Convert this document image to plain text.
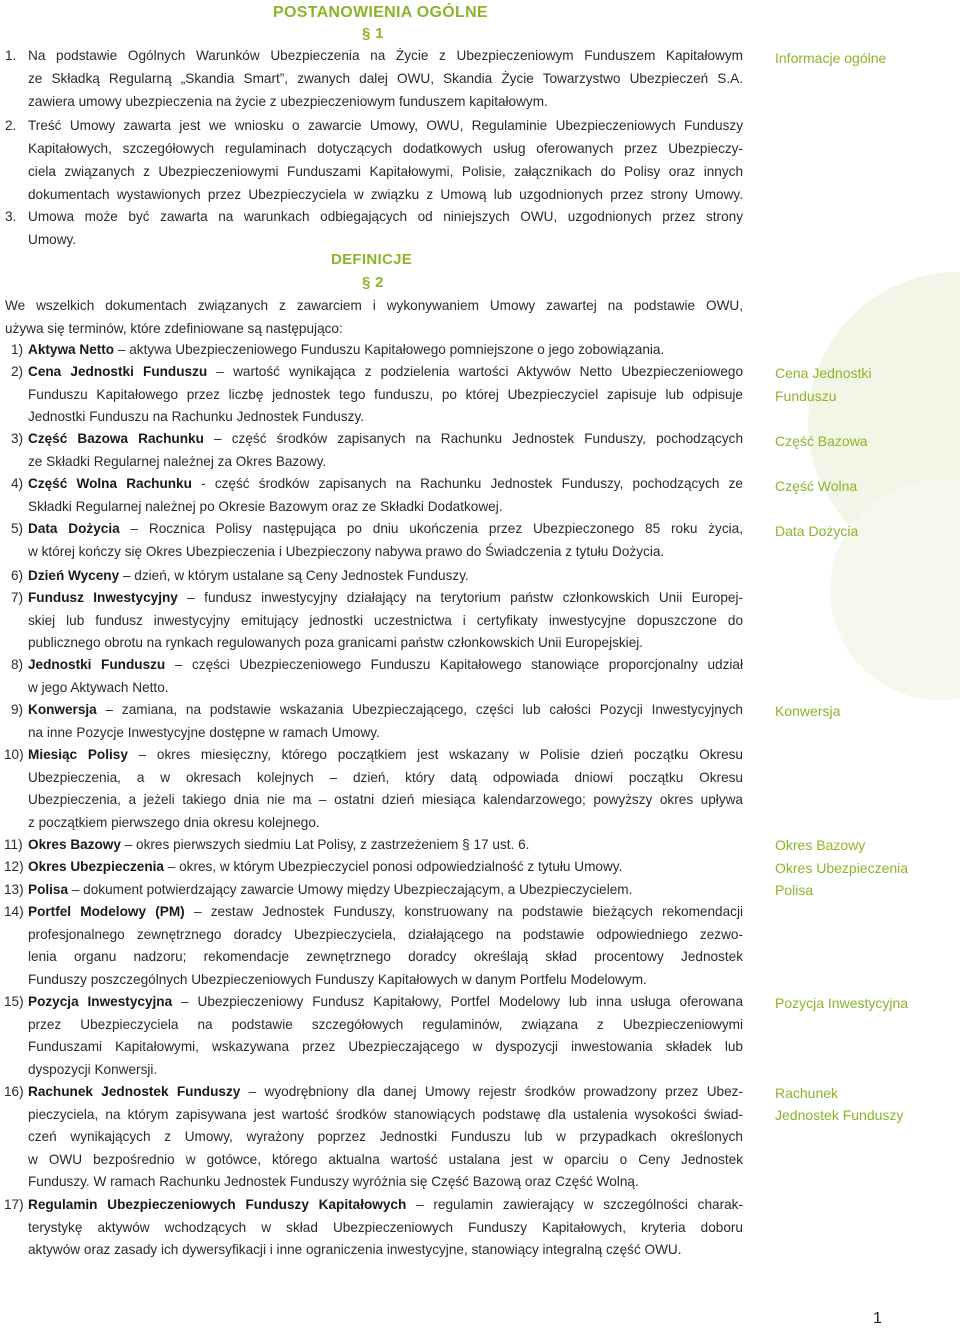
POSTANOWIENIA OGÓLNE
§ 1
1. Na podstawie Ogólnych Warunków Ubezpieczenia na Życie z Ubezpieczeniowym Funduszem Kapitałowym
ze Składką Regularną „Skandia Smart”, zwanych dalej OWU, Skandia Życie Towarzystwo Ubezpieczeń S.A.
zawiera umowy ubezpieczenia na życie z ubezpieczeniowym funduszem kapitałowym.
2. Treść Umowy zawarta jest we wniosku o zawarcie Umowy, OWU, Regulaminie Ubezpieczeniowych Funduszy
Kapitałowych, szczegółowych regulaminach dotyczących dodatkowych usług oferowanych przez Ubezpieczy-
ciela związanych z Ubezpieczeniowymi Funduszami Kapitałowymi, Polisie, załącznikach do Polisy oraz innych
dokumentach wystawionych przez Ubezpieczyciela w związku z Umową lub uzgodnionych przez strony Umowy.
3. Umowa może być zawarta na warunkach odbiegających od niniejszych OWU, uzgodnionych przez strony
Umowy.
DEFINICJE
§ 2
We wszelkich dokumentach związanych z zawarciem i wykonywaniem Umowy zawartej na podstawie OWU,
używa się terminów, które zdefiniowane są następująco:
1) Aktywa Netto – aktywa Ubezpieczeniowego Funduszu Kapitałowego pomniejszone o jego zobowiązania.
2) Cena Jednostki Funduszu – wartość wynikająca z podzielenia wartości Aktywów Netto Ubezpieczeniowego
Funduszu Kapitałowego przez liczbę jednostek tego funduszu, po której Ubezpieczyciel zapisuje lub odpisuje
Jednostki Funduszu na Rachunku Jednostek Funduszy.
3) Część Bazowa Rachunku – część środków zapisanych na Rachunku Jednostek Funduszy, pochodzących
ze Składki Regularnej należnej za Okres Bazowy.
4) Część Wolna Rachunku - część środków zapisanych na Rachunku Jednostek Funduszy, pochodzących ze
Składki Regularnej należnej po Okresie Bazowym oraz ze Składki Dodatkowej.
5) Data Dożycia – Rocznica Polisy następująca po dniu ukończenia przez Ubezpieczonego 85 roku życia,
w której kończy się Okres Ubezpieczenia i Ubezpieczony nabywa prawo do Świadczenia z tytułu Dożycia.
6) Dzień Wyceny – dzień, w którym ustalane są Ceny Jednostek Funduszy.
7) Fundusz Inwestycyjny – fundusz inwestycyjny działający na terytorium państw członkowskich Unii Europej-
skiej lub fundusz inwestycyjny emitujący jednostki uczestnictwa i certyfikaty inwestycyjne dopuszczone do
publicznego obrotu na rynkach regulowanych poza granicami państw członkowskich Unii Europejskiej.
8) Jednostki Funduszu – części Ubezpieczeniowego Funduszu Kapitałowego stanowiące proporcjonalny udział
w jego Aktywach Netto.
9) Konwersja – zamiana, na podstawie wskazania Ubezpieczającego, części lub całości Pozycji Inwestycyjnych
na inne Pozycje Inwestycyjne dostępne w ramach Umowy.
10) Miesiąc Polisy – okres miesięczny, którego początkiem jest wskazany w Polisie dzień początku Okresu
Ubezpieczenia, a w okresach kolejnych – dzień, który datą odpowiada dniowi początku Okresu
Ubezpieczenia, a jeżeli takiego dnia nie ma – ostatni dzień miesiąca kalendarzowego; powyższy okres upływa
z początkiem pierwszego dnia okresu kolejnego.
11) Okres Bazowy – okres pierwszych siedmiu Lat Polisy, z zastrzeżeniem § 17 ust. 6.
12) Okres Ubezpieczenia – okres, w którym Ubezpieczyciel ponosi odpowiedzialność z tytułu Umowy.
13) Polisa – dokument potwierdzający zawarcie Umowy między Ubezpieczającym, a Ubezpieczycielem.
14) Portfel Modelowy (PM) – zestaw Jednostek Funduszy, konstruowany na podstawie bieżących rekomendacji
profesjonalnego zewnętrznego doradcy Ubezpieczyciela, działającego na podstawie odpowiedniego zezwo-
lenia organu nadzoru; rekomendacje zewnętrznego doradcy określają skład procentowy Jednostek
Funduszy poszczególnych Ubezpieczeniowych Funduszy Kapitałowych w danym Portfelu Modelowym.
15) Pozycja Inwestycyjna – Ubezpieczeniowy Fundusz Kapitałowy, Portfel Modelowy lub inna usługa oferowana
przez Ubezpieczyciela na podstawie szczegółowych regulaminów, związana z Ubezpieczeniowymi
Funduszami Kapitałowymi, wskazywana przez Ubezpieczającego w dyspozycji inwestowania składek lub
dyspozycji Konwersji.
16) Rachunek Jednostek Funduszy – wyodrębniony dla danej Umowy rejestr środków prowadzony przez Ubez-
pieczyciela, na którym zapisywana jest wartość środków stanowiących podstawę dla ustalenia wysokości świad-
czeń wynikających z Umowy, wyrażony poprzez Jednostki Funduszu lub w przypadkach określonych
w OWU bezpośrednio w gotówce, którego aktualna wartość ustalana jest w oparciu o Ceny Jednostek
Funduszy. W ramach Rachunku Jednostek Funduszy wyróżnia się Część Bazową oraz Część Wolną.
17) Regulamin Ubezpieczeniowych Funduszy Kapitałowych – regulamin zawierający w szczególności charak-
terystykę aktywów wchodzących w skład Ubezpieczeniowych Funduszy Kapitałowych, kryteria doboru
aktywów oraz zasady ich dywersyfikacji i inne ograniczenia inwestycyjne, stanowiący integralną część OWU.
Informacje ogólne
Cena Jednostki
Funduszu
Część Bazowa
Część Wolna
Data Dożycia
Konwersja
Okres Bazowy
Okres Ubezpieczenia
Polisa
Pozycja Inwestycyjna
Rachunek
Jednostek Funduszy
1
